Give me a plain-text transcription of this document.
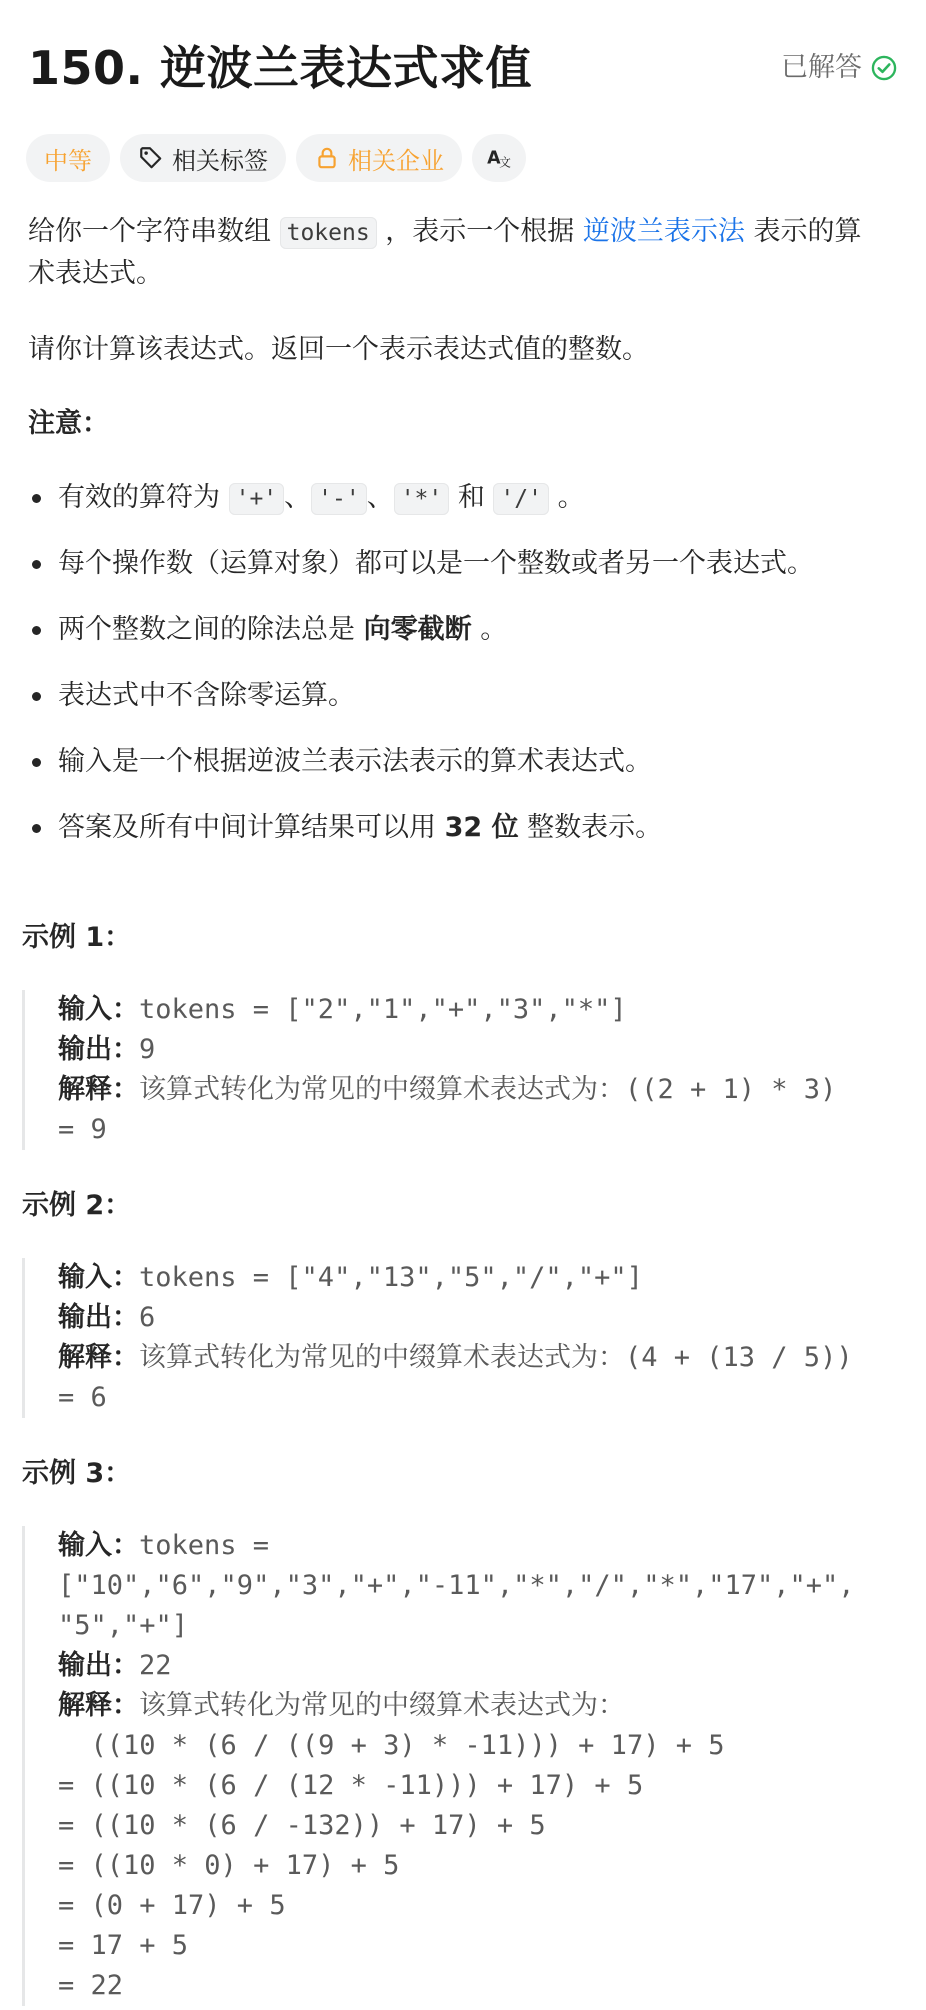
150. 逆波兰表达式求值	已解答
中等	相关标签	相关企业	A
文
给你一个字符串数组 tokens ，表示一个根据 逆波兰表示法 表示的算
术表达式。
请你计算该表达式。返回一个表示表达式值的整数。
注意：
有效的算符为 '+' 、 '-' 、 '*' 和 '/' 。
每个操作数（运算对象）都可以是一个整数或者另一个表达式。
两个整数之间的除法总是 向零截断 。
表达式中不含除零运算。
输入是一个根据逆波兰表示法表示的算术表达式。
答案及所有中间计算结果可以用 32 位 整数表示。
示例 1：
输入：tokens = ["2","1","+","3","*"]
输出：9
解释：该算式转化为常见的中缀算术表达式为：((2 + 1) * 3)
= 9
示例 2：
输入：tokens = ["4","13","5","/","+"]
输出：6
解释：该算式转化为常见的中缀算术表达式为：(4 + (13 / 5))
= 6
示例 3：
输入：tokens =
["10","6","9","3","+","-11","*","/","*","17","+",
"5","+"]
输出：22
解释：该算式转化为常见的中缀算术表达式为：
((10 * (6 / ((9 + 3) * -11))) + 17) + 5
= ((10 * (6 / (12 * -11))) + 17) + 5
= ((10 * (6 / -132)) + 17) + 5
= ((10 * 0) + 17) + 5
= (0 + 17) + 5
= 17 + 5
= 22
